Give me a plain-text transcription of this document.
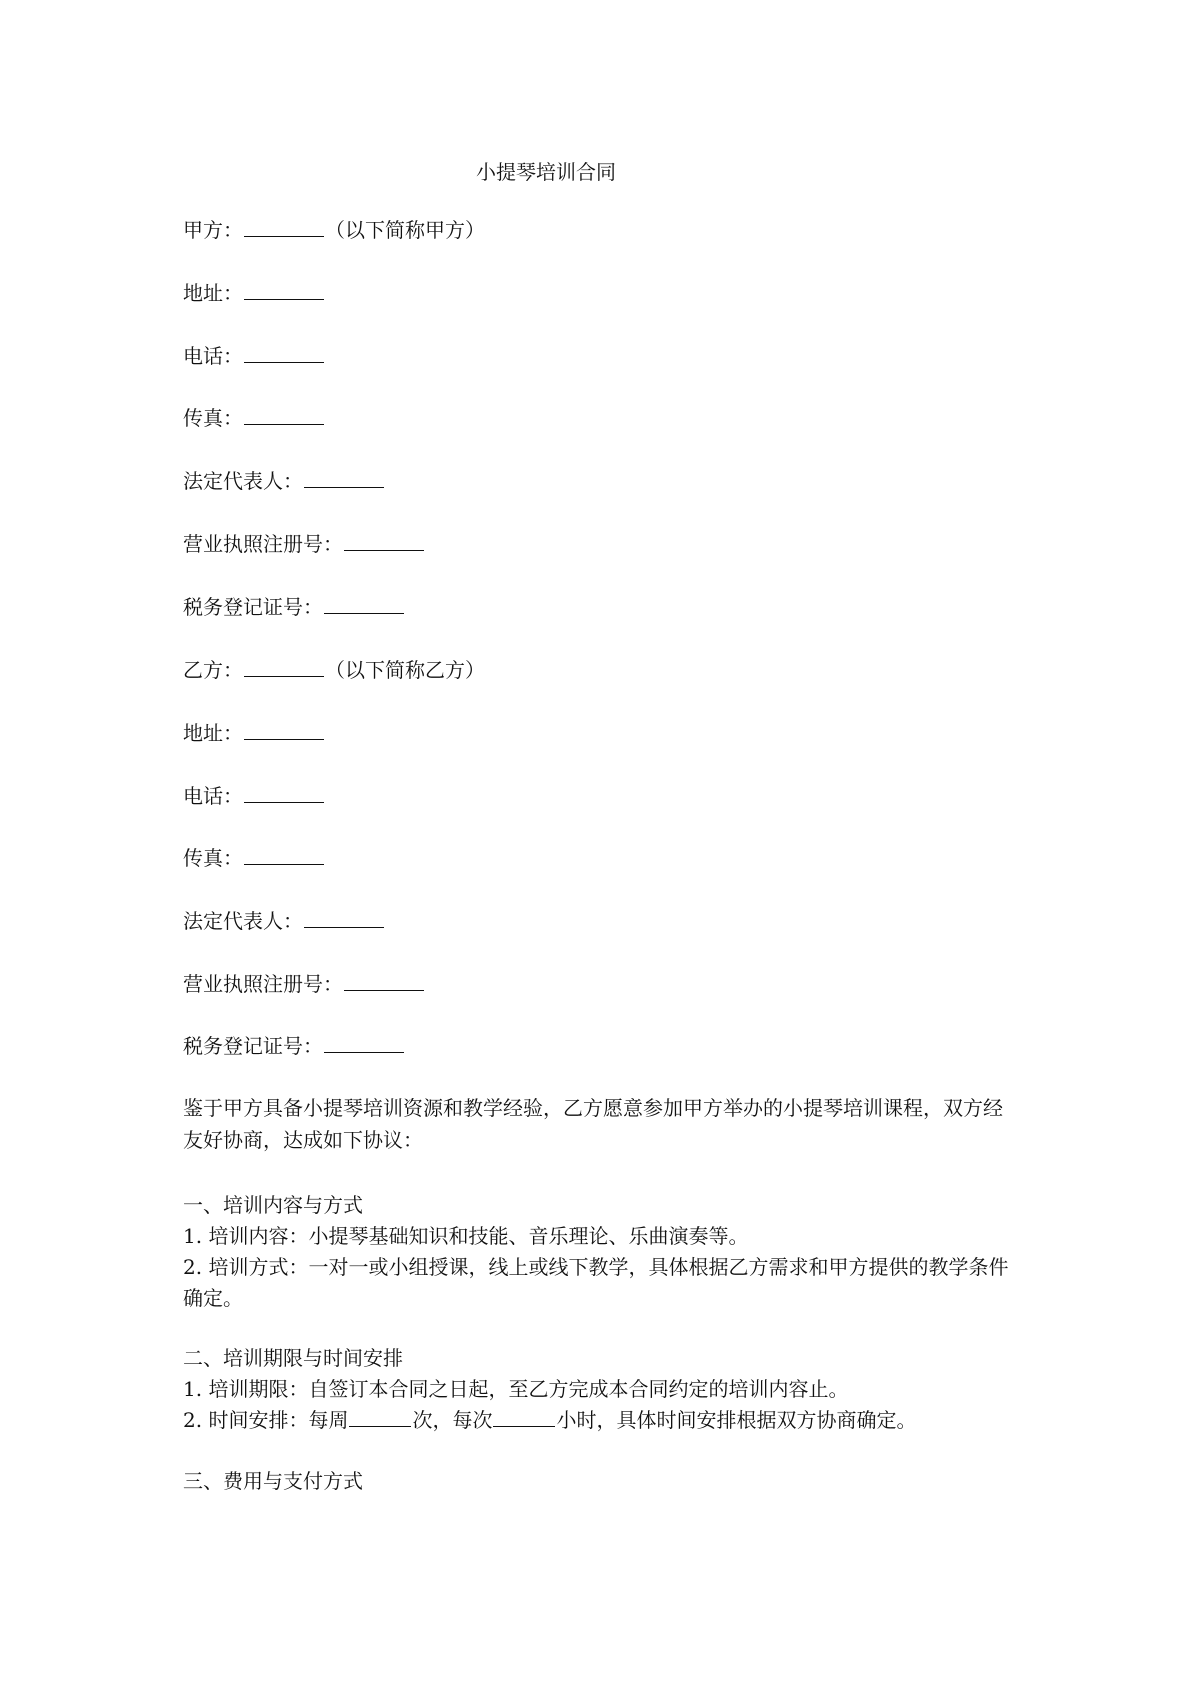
小提琴培训合同
甲方：	（以下简称甲方）
地址：
电话：
传真：
法定代表人：
营业执照注册号：
税务登记证号：
乙方：	（以下简称乙方）
地址：
电话：
传真：
法定代表人：
营业执照注册号：
税务登记证号：
鉴于甲方具备小提琴培训资源和教学经验，乙方愿意参加甲方举办的小提琴培训课程，双方经友好协商，达成如下协议：
一、培训内容与方式
1. 培训内容：小提琴基础知识和技能、音乐理论、乐曲演奏等。
2. 培训方式：一对一或小组授课，线上或线下教学，具体根据乙方需求和甲方提供的教学条件确定。
二、培训期限与时间安排
1. 培训期限：自签订本合同之日起，至乙方完成本合同约定的培训内容止。
2. 时间安排：每周	次，每次	小时，具体时间安排根据双方协商确定。
三、费用与支付方式
